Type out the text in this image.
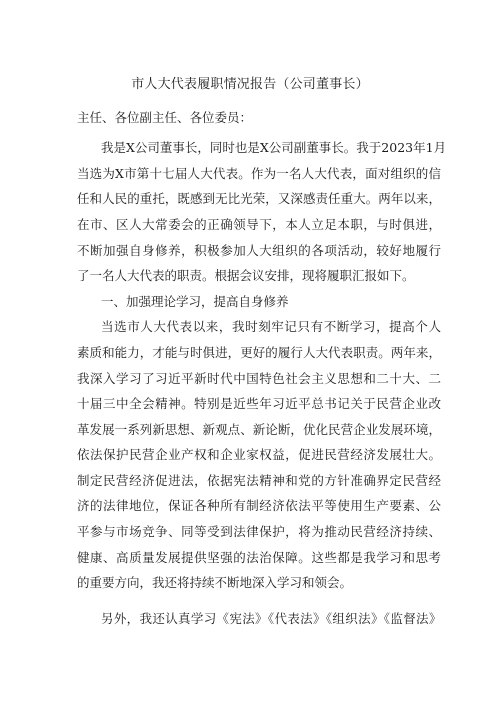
市人大代表履职情况报告（公司董事长）
主任、各位副主任、各位委员：
我是X公司董事长，同时也是X公司副董事长。我于2023年1月
当选为X市第十七届人大代表。作为一名人大代表，面对组织的信
任和人民的重托，既感到无比光荣，又深感责任重大。两年以来，
在市、区人大常委会的正确领导下，本人立足本职，与时俱进，
不断加强自身修养，积极参加人大组织的各项活动，较好地履行
了一名人大代表的职责。根据会议安排，现将履职汇报如下。
一、加强理论学习，提高自身修养
当选市人大代表以来，我时刻牢记只有不断学习，提高个人
素质和能力，才能与时俱进，更好的履行人大代表职责。两年来，
我深入学习了习近平新时代中国特色社会主义思想和二十大、二
十届三中全会精神。特别是近些年习近平总书记关于民营企业改
革发展一系列新思想、新观点、新论断，优化民营企业发展环境，
依法保护民营企业产权和企业家权益，促进民营经济发展壮大。
制定民营经济促进法，依据宪法精神和党的方针准确界定民营经
济的法律地位，保证各种所有制经济依法平等使用生产要素、公
平参与市场竞争、同等受到法律保护，将为推动民营经济持续、
健康、高质量发展提供坚强的法治保障。这些都是我学习和思考
的重要方向，我还将持续不断地深入学习和领会。
另外，我还认真学习《宪法》《代表法》《组织法》《监督法》
